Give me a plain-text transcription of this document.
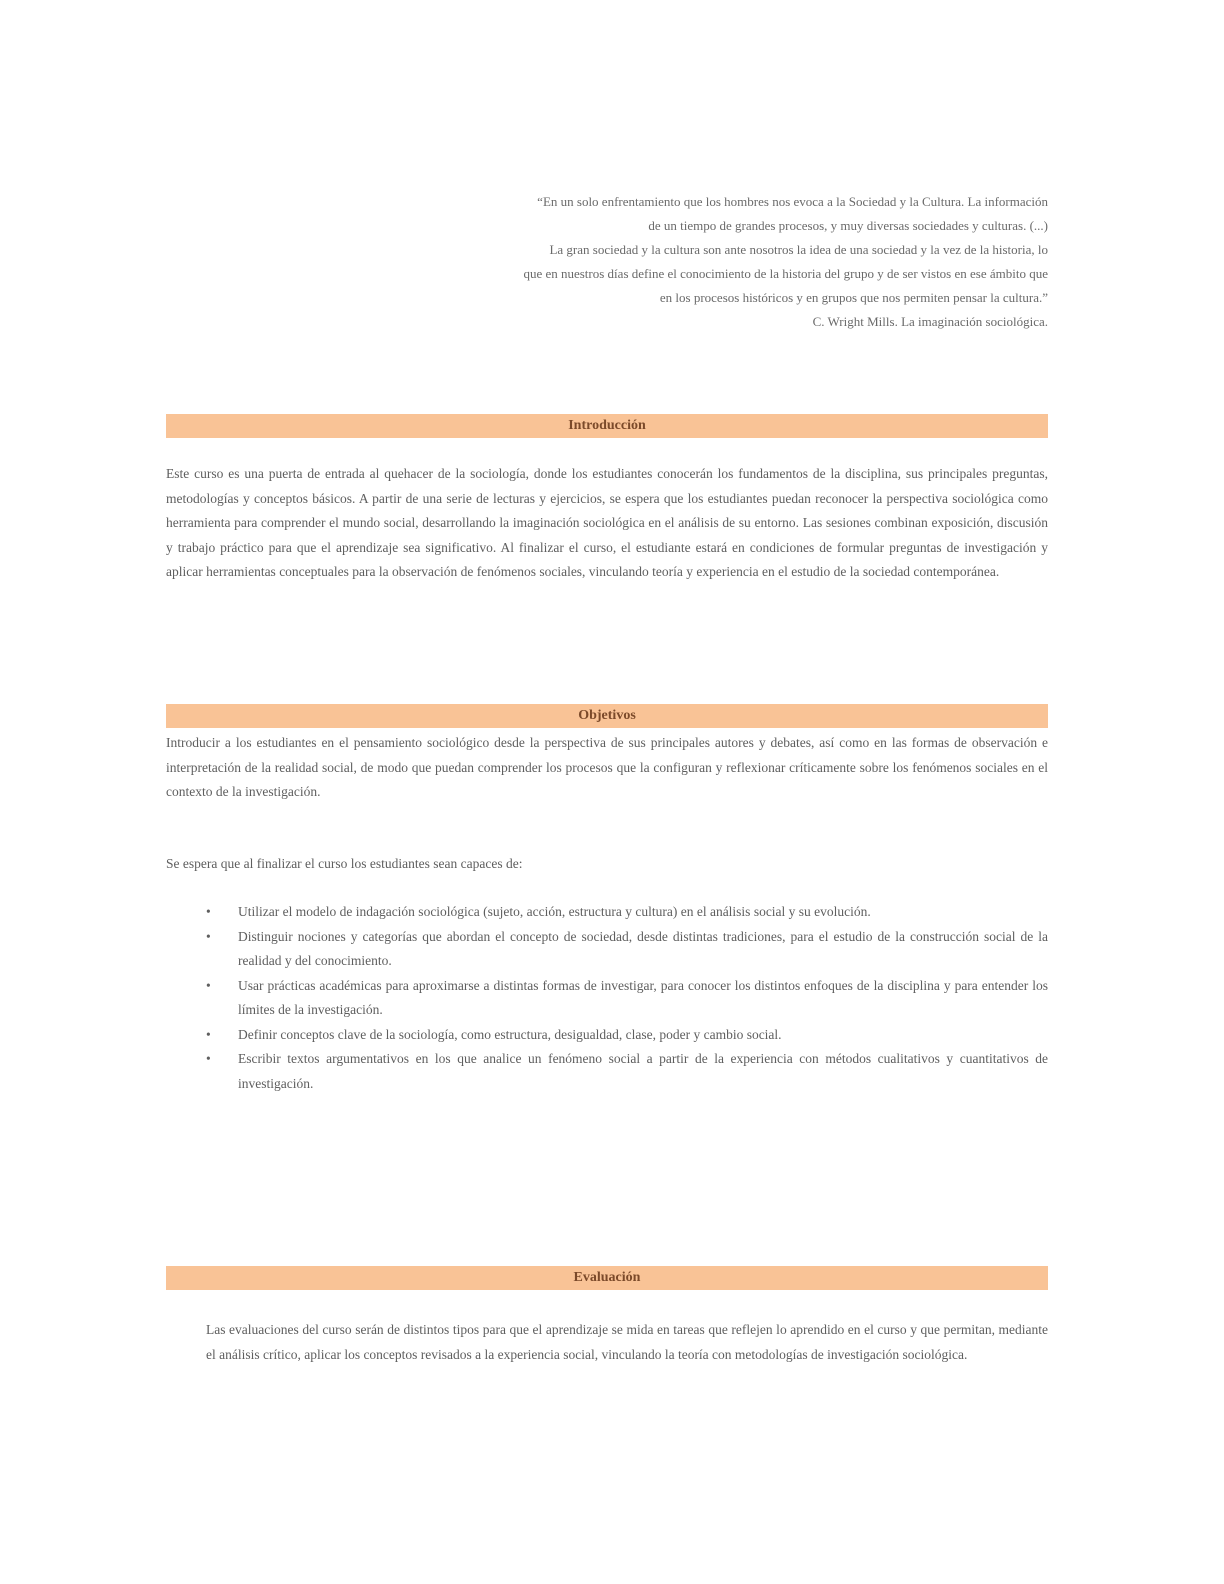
“En un solo enfrentamiento que los hombres nos evoca a la Sociedad y la Cultura. La información
de un tiempo de grandes procesos, y muy diversas sociedades y culturas. (...)
La gran sociedad y la cultura son ante nosotros la idea de una sociedad y la vez de la historia, lo
que en nuestros días define el conocimiento de la historia del grupo y de ser vistos en ese ámbito que
en los procesos históricos y en grupos que nos permiten pensar la cultura.”
C. Wright Mills. La imaginación sociológica.
Introducción
Este curso es una puerta de entrada al quehacer de la sociología, donde los estudiantes conocerán los fundamentos de la disciplina, sus principales preguntas, metodologías y conceptos básicos. A partir de una serie de lecturas y ejercicios, se espera que los estudiantes puedan reconocer la perspectiva sociológica como herramienta para comprender el mundo social, desarrollando la imaginación sociológica en el análisis de su entorno. Las sesiones combinan exposición, discusión y trabajo práctico para que el aprendizaje sea significativo. Al finalizar el curso, el estudiante estará en condiciones de formular preguntas de investigación y aplicar herramientas conceptuales para la observación de fenómenos sociales, vinculando teoría y experiencia en el estudio de la sociedad contemporánea.
Objetivos
Introducir a los estudiantes en el pensamiento sociológico desde la perspectiva de sus principales autores y debates, así como en las formas de observación e interpretación de la realidad social, de modo que puedan comprender los procesos que la configuran y reflexionar críticamente sobre los fenómenos sociales en el contexto de la investigación.
Se espera que al finalizar el curso los estudiantes sean capaces de:
• Utilizar el modelo de indagación sociológica (sujeto, acción, estructura y cultura) en el análisis social y su evolución.
• Distinguir nociones y categorías que abordan el concepto de sociedad, desde distintas tradiciones, para el estudio de la construcción social de la realidad y del conocimiento.
• Usar prácticas académicas para aproximarse a distintas formas de investigar, para conocer los distintos enfoques de la disciplina y para entender los límites de la investigación.
• Definir conceptos clave de la sociología, como estructura, desigualdad, clase, poder y cambio social.
• Escribir textos argumentativos en los que analice un fenómeno social a partir de la experiencia con métodos cualitativos y cuantitativos de investigación.
Evaluación
Las evaluaciones del curso serán de distintos tipos para que el aprendizaje se mida en tareas que reflejen lo aprendido en el curso y que permitan, mediante el análisis crítico, aplicar los conceptos revisados a la experiencia social, vinculando la teoría con metodologías de investigación sociológica.
